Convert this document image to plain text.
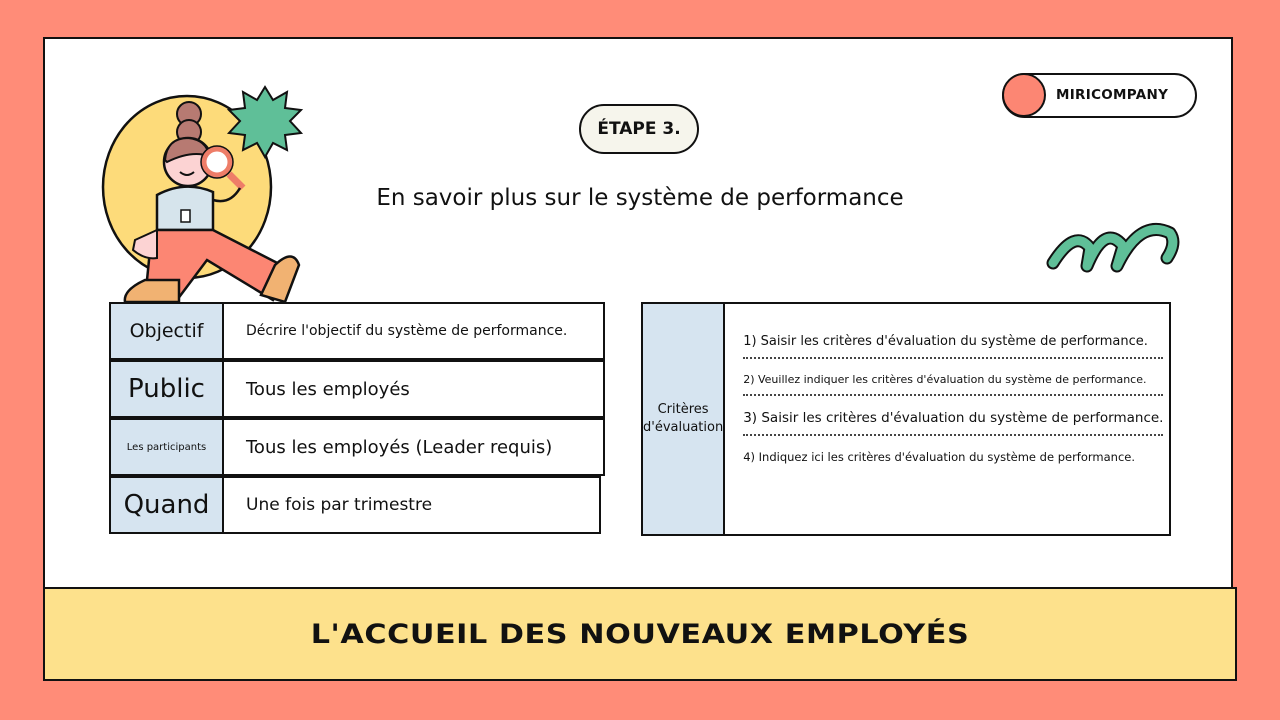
MIRICOMPANY
ÉTAPE 3.
En savoir plus sur le système de performance
Objectif	Décrire l'objectif du système de performance.
Public	Tous les employés
Les participants	Tous les employés (Leader requis)
Quand	Une fois par trimestre
Critères d'évaluation
1) Saisir les critères d'évaluation du système de performance.
2) Veuillez indiquer les critères d'évaluation du système de performance.
3) Saisir les critères d'évaluation du système de performance.
4) Indiquez ici les critères d'évaluation du système de performance.
L'ACCUEIL DES NOUVEAUX EMPLOYÉS
